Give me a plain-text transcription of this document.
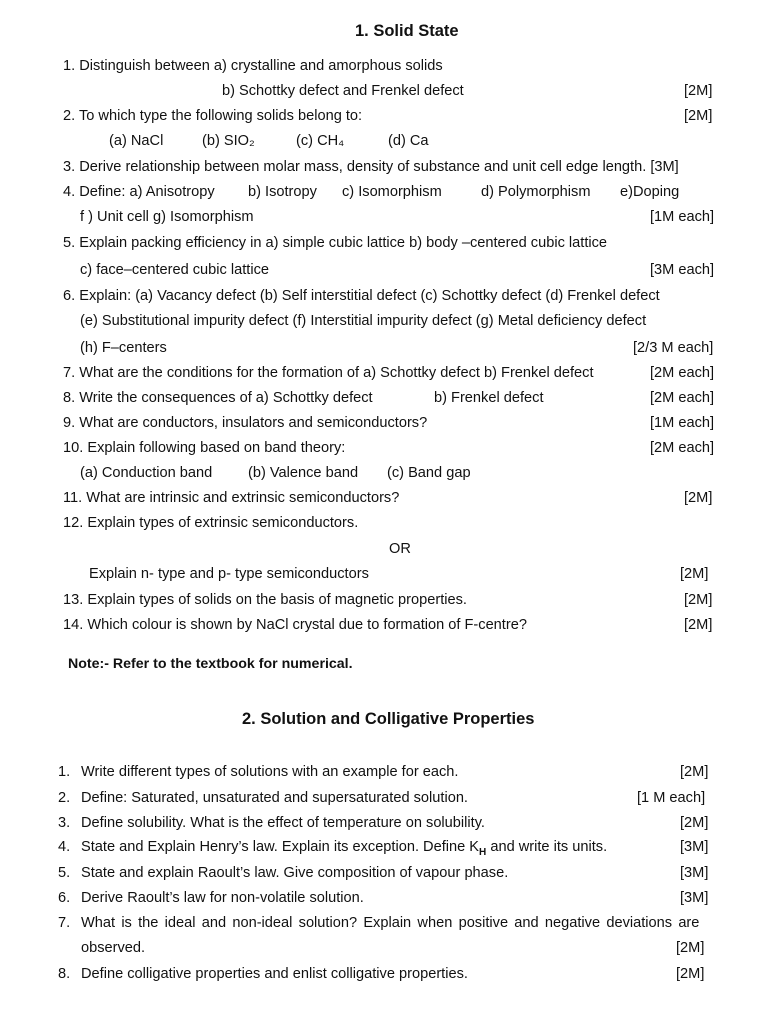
1. Solid State
1. Distinguish between a) crystalline and amorphous solids
b) Schottky defect and Frenkel defect	[2M]
2. To which type the following solids belong to:	[2M]
(a) NaCl	(b) SIO₂	(c) CH₄	(d) Ca
3. Derive relationship between molar mass, density of substance and unit cell edge length. [3M]
4. Define: a) Anisotropy b) Isotropy c) Isomorphism	d) Polymorphism e)Doping
f ) Unit cell g) Isomorphism	[1M each]
5. Explain packing efficiency in a) simple cubic lattice b) body –centered cubic lattice
c) face–centered cubic lattice	[3M each]
6. Explain: (a) Vacancy defect (b) Self interstitial defect (c) Schottky defect (d) Frenkel defect
(e) Substitutional impurity defect (f) Interstitial impurity defect (g) Metal deficiency defect
(h) F–centers	[2/3 M each]
7. What are the conditions for the formation of a) Schottky defect b) Frenkel defect	[2M each]
8. Write the consequences of a) Schottky defect	b) Frenkel defect	[2M each]
9. What are conductors, insulators and semiconductors?	[1M each]
10. Explain following based on band theory:	[2M each]
(a) Conduction band (b) Valence band (c) Band gap
11. What are intrinsic and extrinsic semiconductors?	[2M]
12. Explain types of extrinsic semiconductors.
OR
Explain n- type and p- type semiconductors	[2M]
13. Explain types of solids on the basis of magnetic properties.	[2M]
14. Which colour is shown by NaCl crystal due to formation of F-centre?	[2M]
Note:- Refer to the textbook for numerical.
2. Solution and Colligative Properties
1. Write different types of solutions with an example for each.	[2M]
2. Define: Saturated, unsaturated and supersaturated solution.	[1 M each]
3. Define solubility. What is the effect of temperature on solubility.	[2M]
4. State and Explain Henry’s law. Explain its exception. Define $K_H$ and write its units.	[3M]
5. State and explain Raoult’s law. Give composition of vapour phase.	[3M]
6. Derive Raoult’s law for non-volatile solution.	[3M]
7. What is the ideal and non-ideal solution? Explain when positive and negative deviations are
observed.	[2M]
8. Define colligative properties and enlist colligative properties.	[2M]
